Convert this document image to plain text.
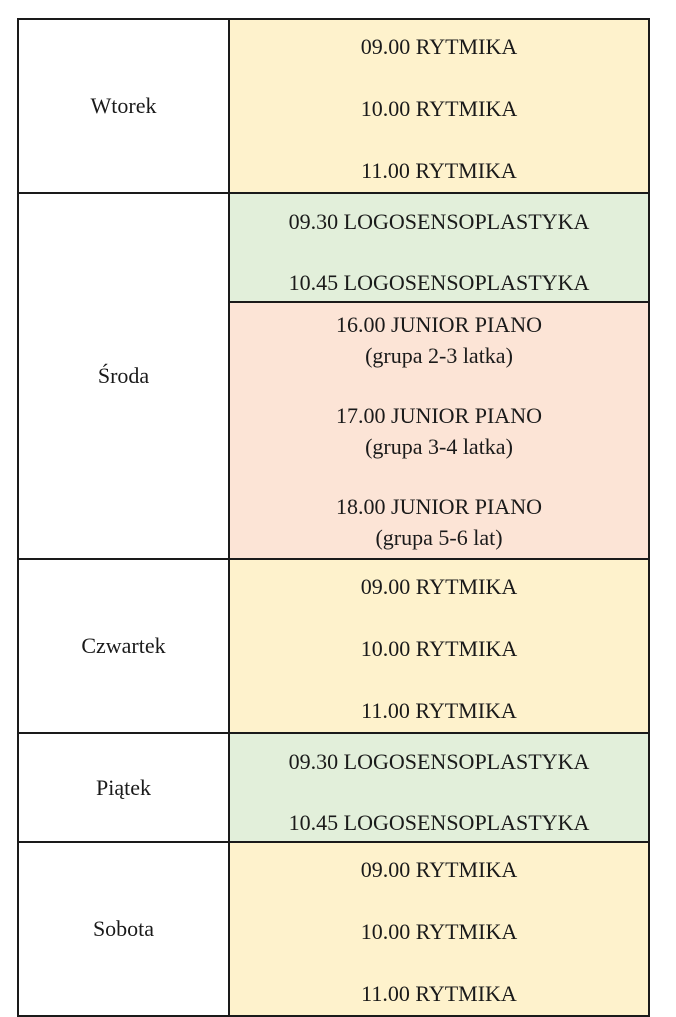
Wtorek
09.00 RYTMIKA
10.00 RYTMIKA
11.00 RYTMIKA
Środa
09.30 LOGOSENSOPLASTYKA
10.45 LOGOSENSOPLASTYKA
16.00 JUNIOR PIANO
(grupa 2-3 latka)
17.00 JUNIOR PIANO
(grupa 3-4 latka)
18.00 JUNIOR PIANO
(grupa 5-6 lat)
Czwartek
09.00 RYTMIKA
10.00 RYTMIKA
11.00 RYTMIKA
Piątek
09.30 LOGOSENSOPLASTYKA
10.45 LOGOSENSOPLASTYKA
Sobota
09.00 RYTMIKA
10.00 RYTMIKA
11.00 RYTMIKA
